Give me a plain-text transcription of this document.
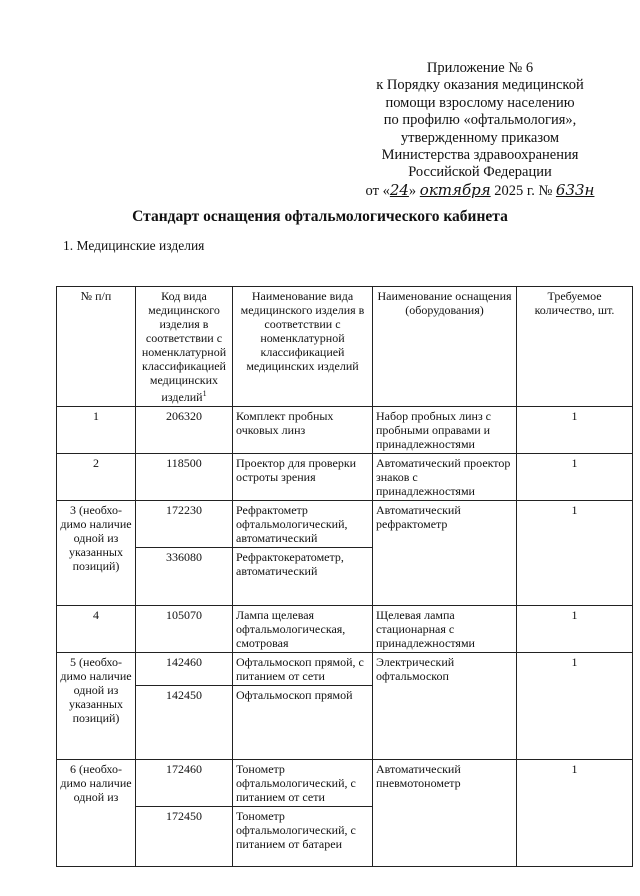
Приложение № 6
к Порядку оказания медицинской
помощи взрослому населению
по профилю «офтальмология»,
утвержденному приказом
Министерства здравоохранения
Российской Федерации
от «24» октября 2025 г. № 633н
Стандарт оснащения офтальмологического кабинета
1. Медицинские изделия
№ п/п	Код вида медицинского изделия в соответствии с номенклатурной классификацией медицинских изделий$^1$	Наименование вида медицинского изделия в соответствии с номенклатурной классификацией медицинских изделий	Наименование оснащения (оборудования)	Требуемое количество, шт.
1	206320	Комплект пробных очковых линз	Набор пробных линз с пробными оправами и принадлежностями	1
2	118500	Проектор для проверки остроты зрения	Автоматический проектор знаков с принадлежностями	1
3 (необхо-димо наличие одной из указанных позиций)	172230	Рефрактометр офтальмологический, автоматический	Автоматический рефрактометр	1
	336080	Рефрактокератометр, автоматический		
4	105070	Лампа щелевая офтальмологическая, смотровая	Щелевая лампа стационарная с принадлежностями	1
5 (необхо-димо наличие одной из указанных позиций)	142460	Офтальмоскоп прямой, с питанием от сети	Электрический офтальмоскоп	1
	142450	Офтальмоскоп прямой		
6 (необхо-димо наличие одной из	172460	Тонометр офтальмологический, с питанием от сети	Автоматический пневмотонометр	1
	172450	Тонометр офтальмологический, с питанием от батареи		
